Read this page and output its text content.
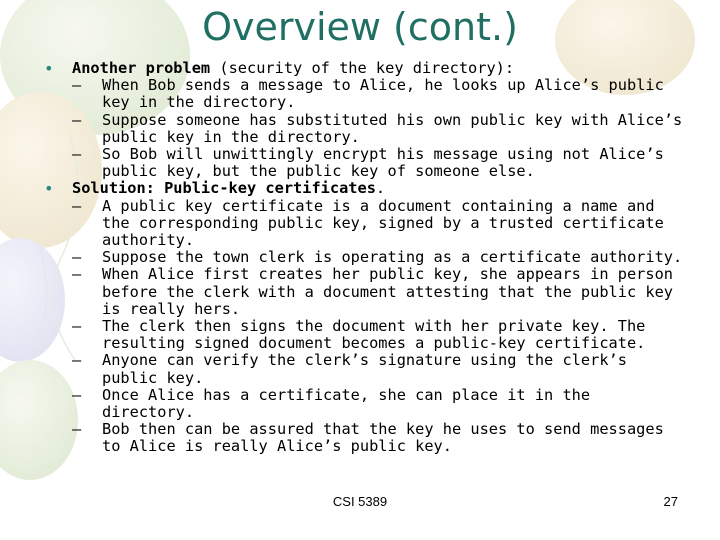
Overview (cont.)
• Another problem (security of the key directory):
– When Bob sends a message to Alice, he looks up Alice’s public key in the directory.
– Suppose someone has substituted his own public key with Alice’s public key in the directory.
– So Bob will unwittingly encrypt his message using not Alice’s public key, but the public key of someone else.
• Solution: Public-key certificates.
– A public key certificate is a document containing a name and the corresponding public key, signed by a trusted certificate authority.
– Suppose the town clerk is operating as a certificate authority.
– When Alice first creates her public key, she appears in person before the clerk with a document attesting that the public key is really hers.
– The clerk then signs the document with her private key. The resulting signed document becomes a public-key certificate.
– Anyone can verify the clerk’s signature using the clerk’s public key.
– Once Alice has a certificate, she can place it in the directory.
– Bob then can be assured that the key he uses to send messages to Alice is really Alice’s public key.
CSI 5389	27
